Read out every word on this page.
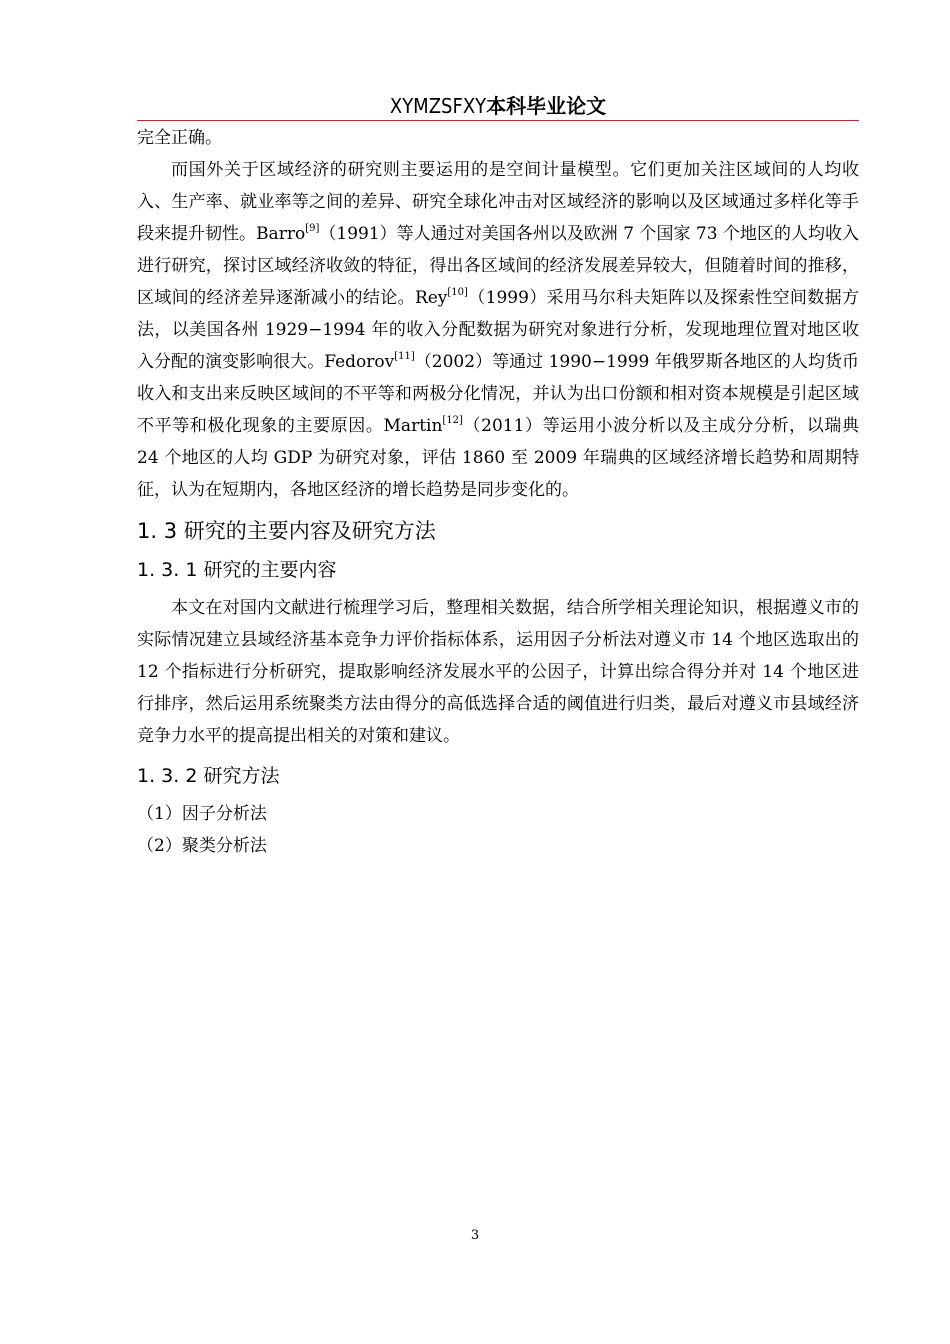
XYMZSFXY本科毕业论文

完全正确。

而国外关于区域经济的研究则主要运用的是空间计量模型。它们更加关注区域间的人均收入、生产率、就业率等之间的差异、研究全球化冲击对区域经济的影响以及区域通过多样化等手段来提升韧性。Barro[9]（1991）等人通过对美国各州以及欧洲 7 个国家 73 个地区的人均收入进行研究，探讨区域经济收敛的特征，得出各区域间的经济发展差异较大，但随着时间的推移，区域间的经济差异逐渐减小的结论。Rey[10]（1999）采用马尔科夫矩阵以及探索性空间数据方法，以美国各州 1929−1994 年的收入分配数据为研究对象进行分析，发现地理位置对地区收入分配的演变影响很大。Fedorov[11]（2002）等通过 1990−1999 年俄罗斯各地区的人均货币收入和支出来反映区域间的不平等和两极分化情况，并认为出口份额和相对资本规模是引起区域不平等和极化现象的主要原因。Martin[12]（2011）等运用小波分析以及主成分分析，以瑞典 24 个地区的人均 GDP 为研究对象，评估 1860 至 2009 年瑞典的区域经济增长趋势和周期特征，认为在短期内，各地区经济的增长趋势是同步变化的。

1. 3 研究的主要内容及研究方法
1. 3. 1 研究的主要内容

本文在对国内文献进行梳理学习后，整理相关数据，结合所学相关理论知识，根据遵义市的实际情况建立县域经济基本竞争力评价指标体系，运用因子分析法对遵义市 14 个地区选取出的 12 个指标进行分析研究，提取影响经济发展水平的公因子，计算出综合得分并对 14 个地区进行排序，然后运用系统聚类方法由得分的高低选择合适的阈值进行归类，最后对遵义市县域经济竞争力水平的提高提出相关的对策和建议。

1. 3. 2 研究方法
（1）因子分析法
（2）聚类分析法
3
